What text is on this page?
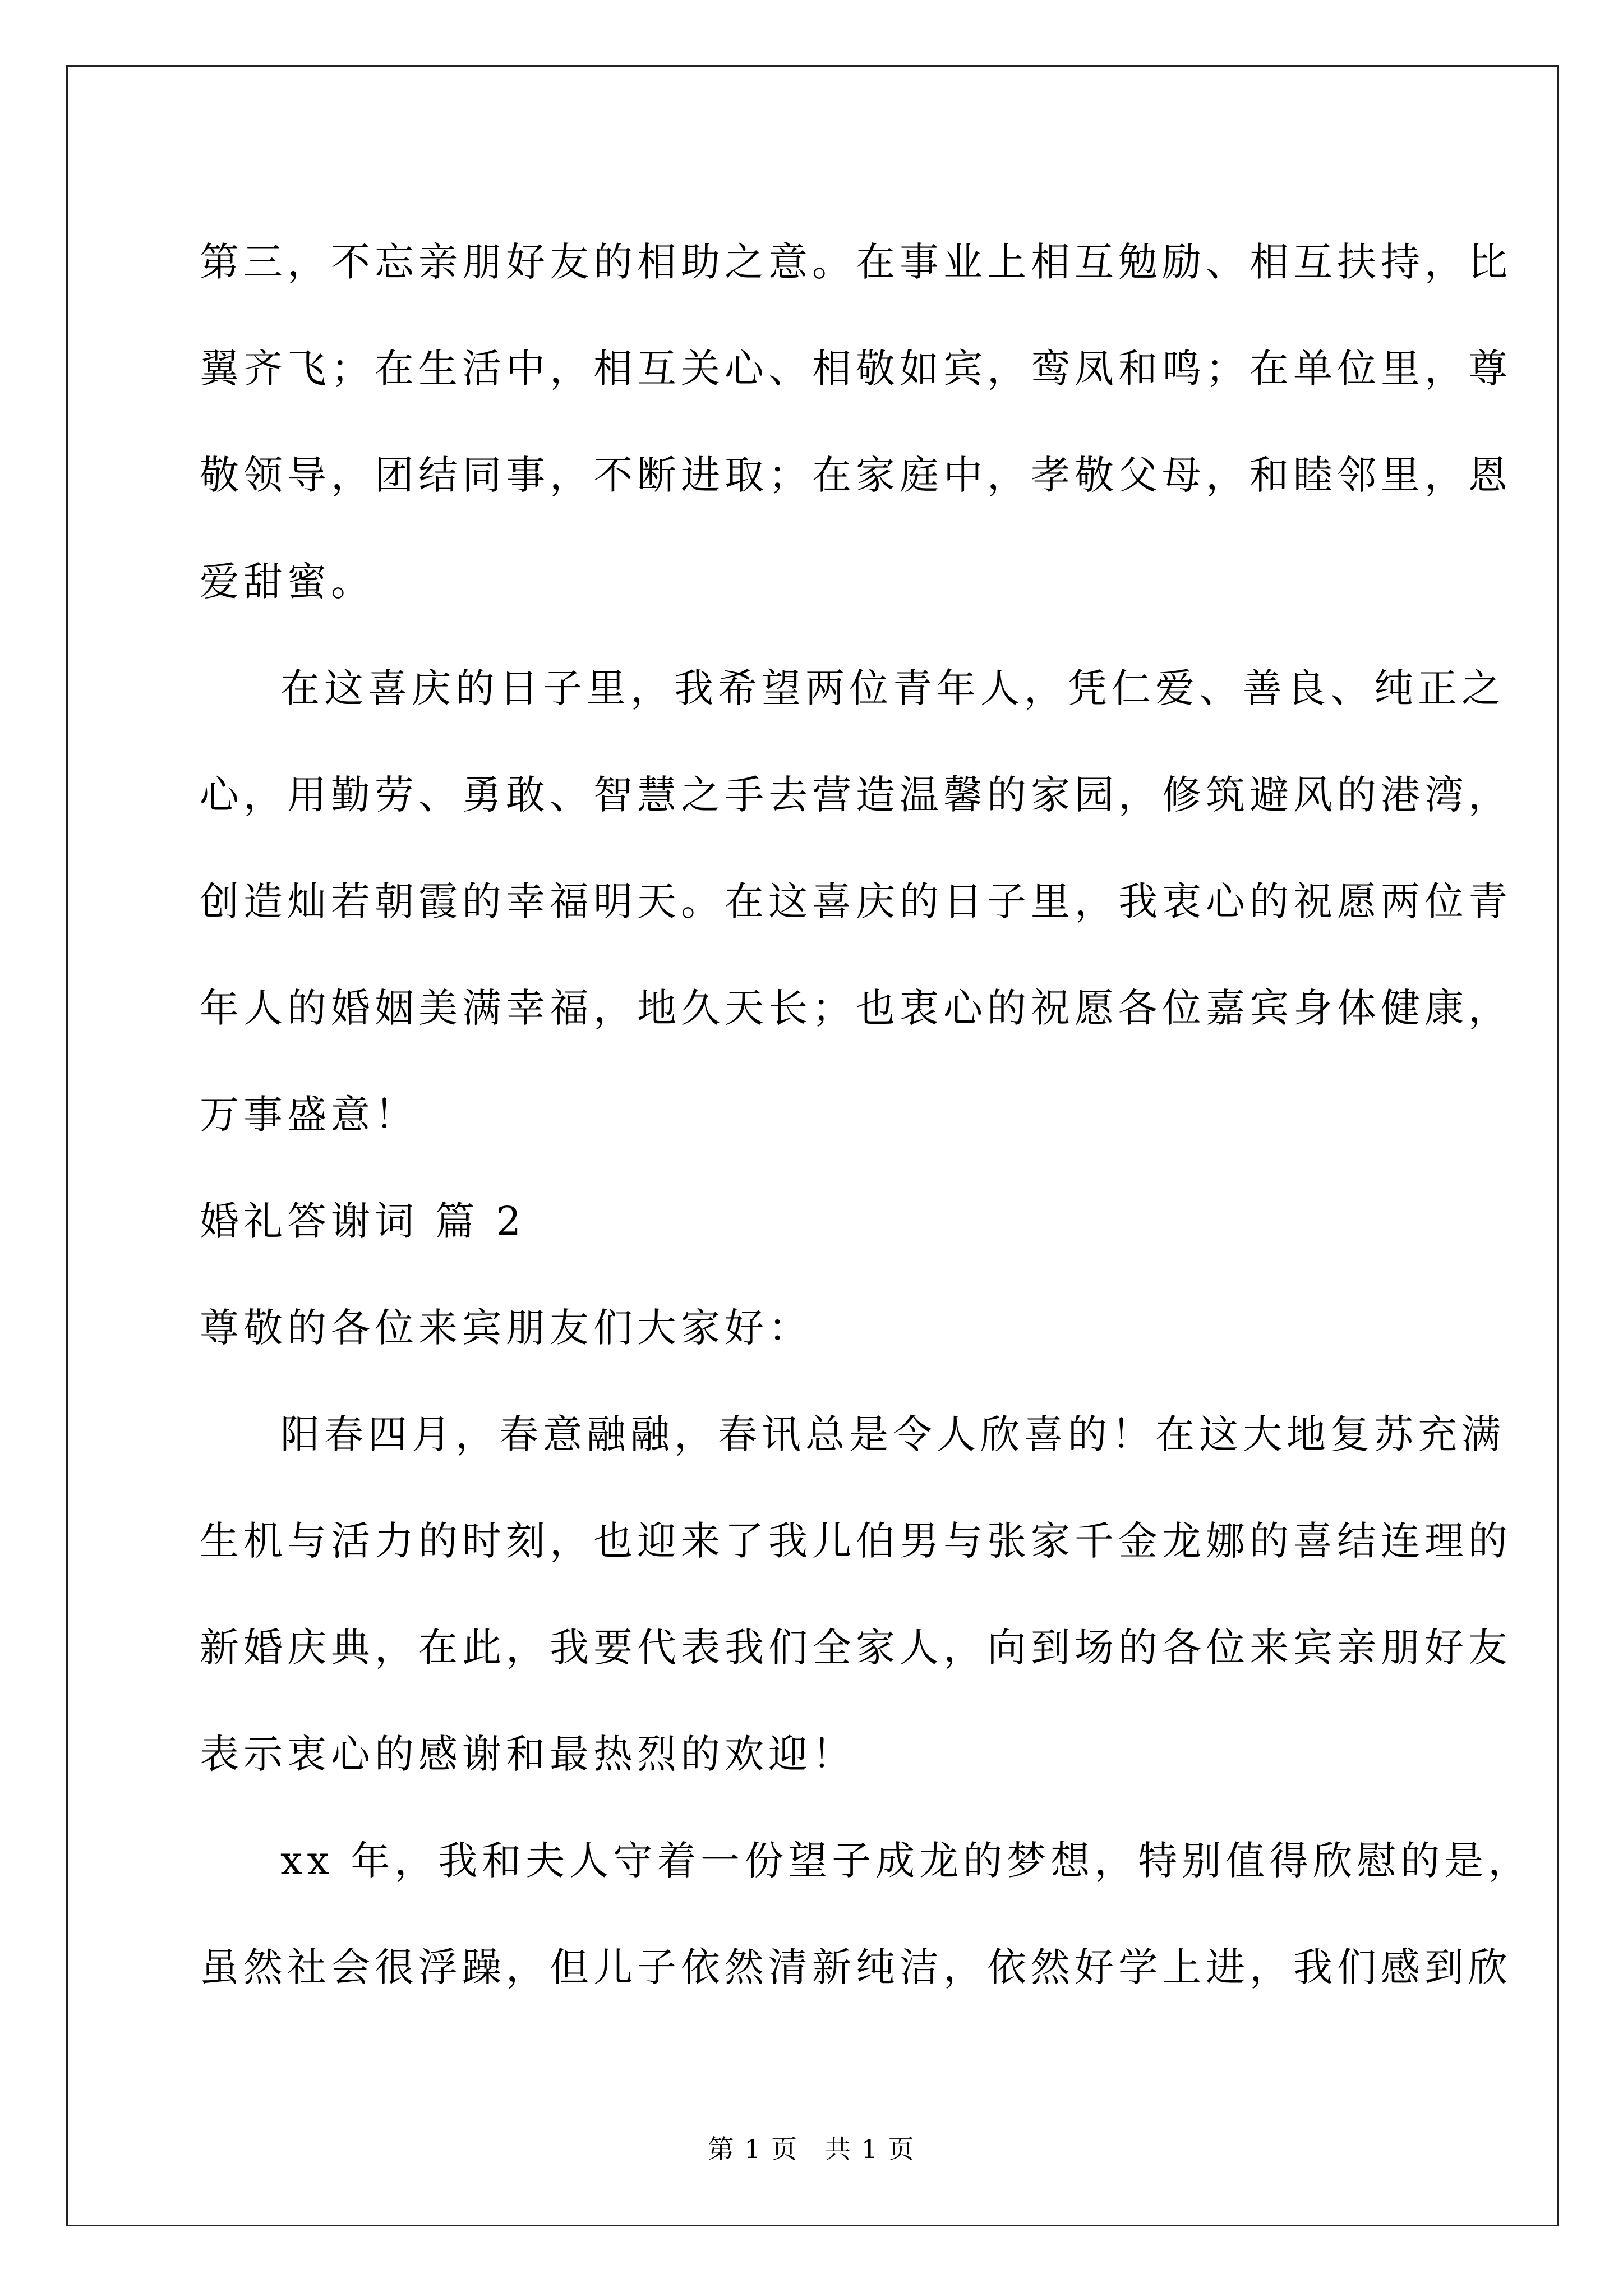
第三，不忘亲朋好友的相助之意。在事业上相互勉励、相互扶持，比
翼齐飞；在生活中，相互关心、相敬如宾，鸾凤和鸣；在单位里，尊
敬领导，团结同事，不断进取；在家庭中，孝敬父母，和睦邻里，恩
爱甜蜜。
在这喜庆的日子里，我希望两位青年人，凭仁爱、善良、纯正之
心，用勤劳、勇敢、智慧之手去营造温馨的家园，修筑避风的港湾，
创造灿若朝霞的幸福明天。在这喜庆的日子里，我衷心的祝愿两位青
年人的婚姻美满幸福，地久天长；也衷心的祝愿各位嘉宾身体健康，
万事盛意！
婚礼答谢词 篇 2
尊敬的各位来宾朋友们大家好：
阳春四月，春意融融，春讯总是令人欣喜的！在这大地复苏充满
生机与活力的时刻，也迎来了我儿伯男与张家千金龙娜的喜结连理的
新婚庆典，在此，我要代表我们全家人，向到场的各位来宾亲朋好友
表示衷心的感谢和最热烈的欢迎！
xx 年，我和夫人守着一份望子成龙的梦想，特别值得欣慰的是，
虽然社会很浮躁，但儿子依然清新纯洁，依然好学上进，我们感到欣
第 1 页　共 1 页
